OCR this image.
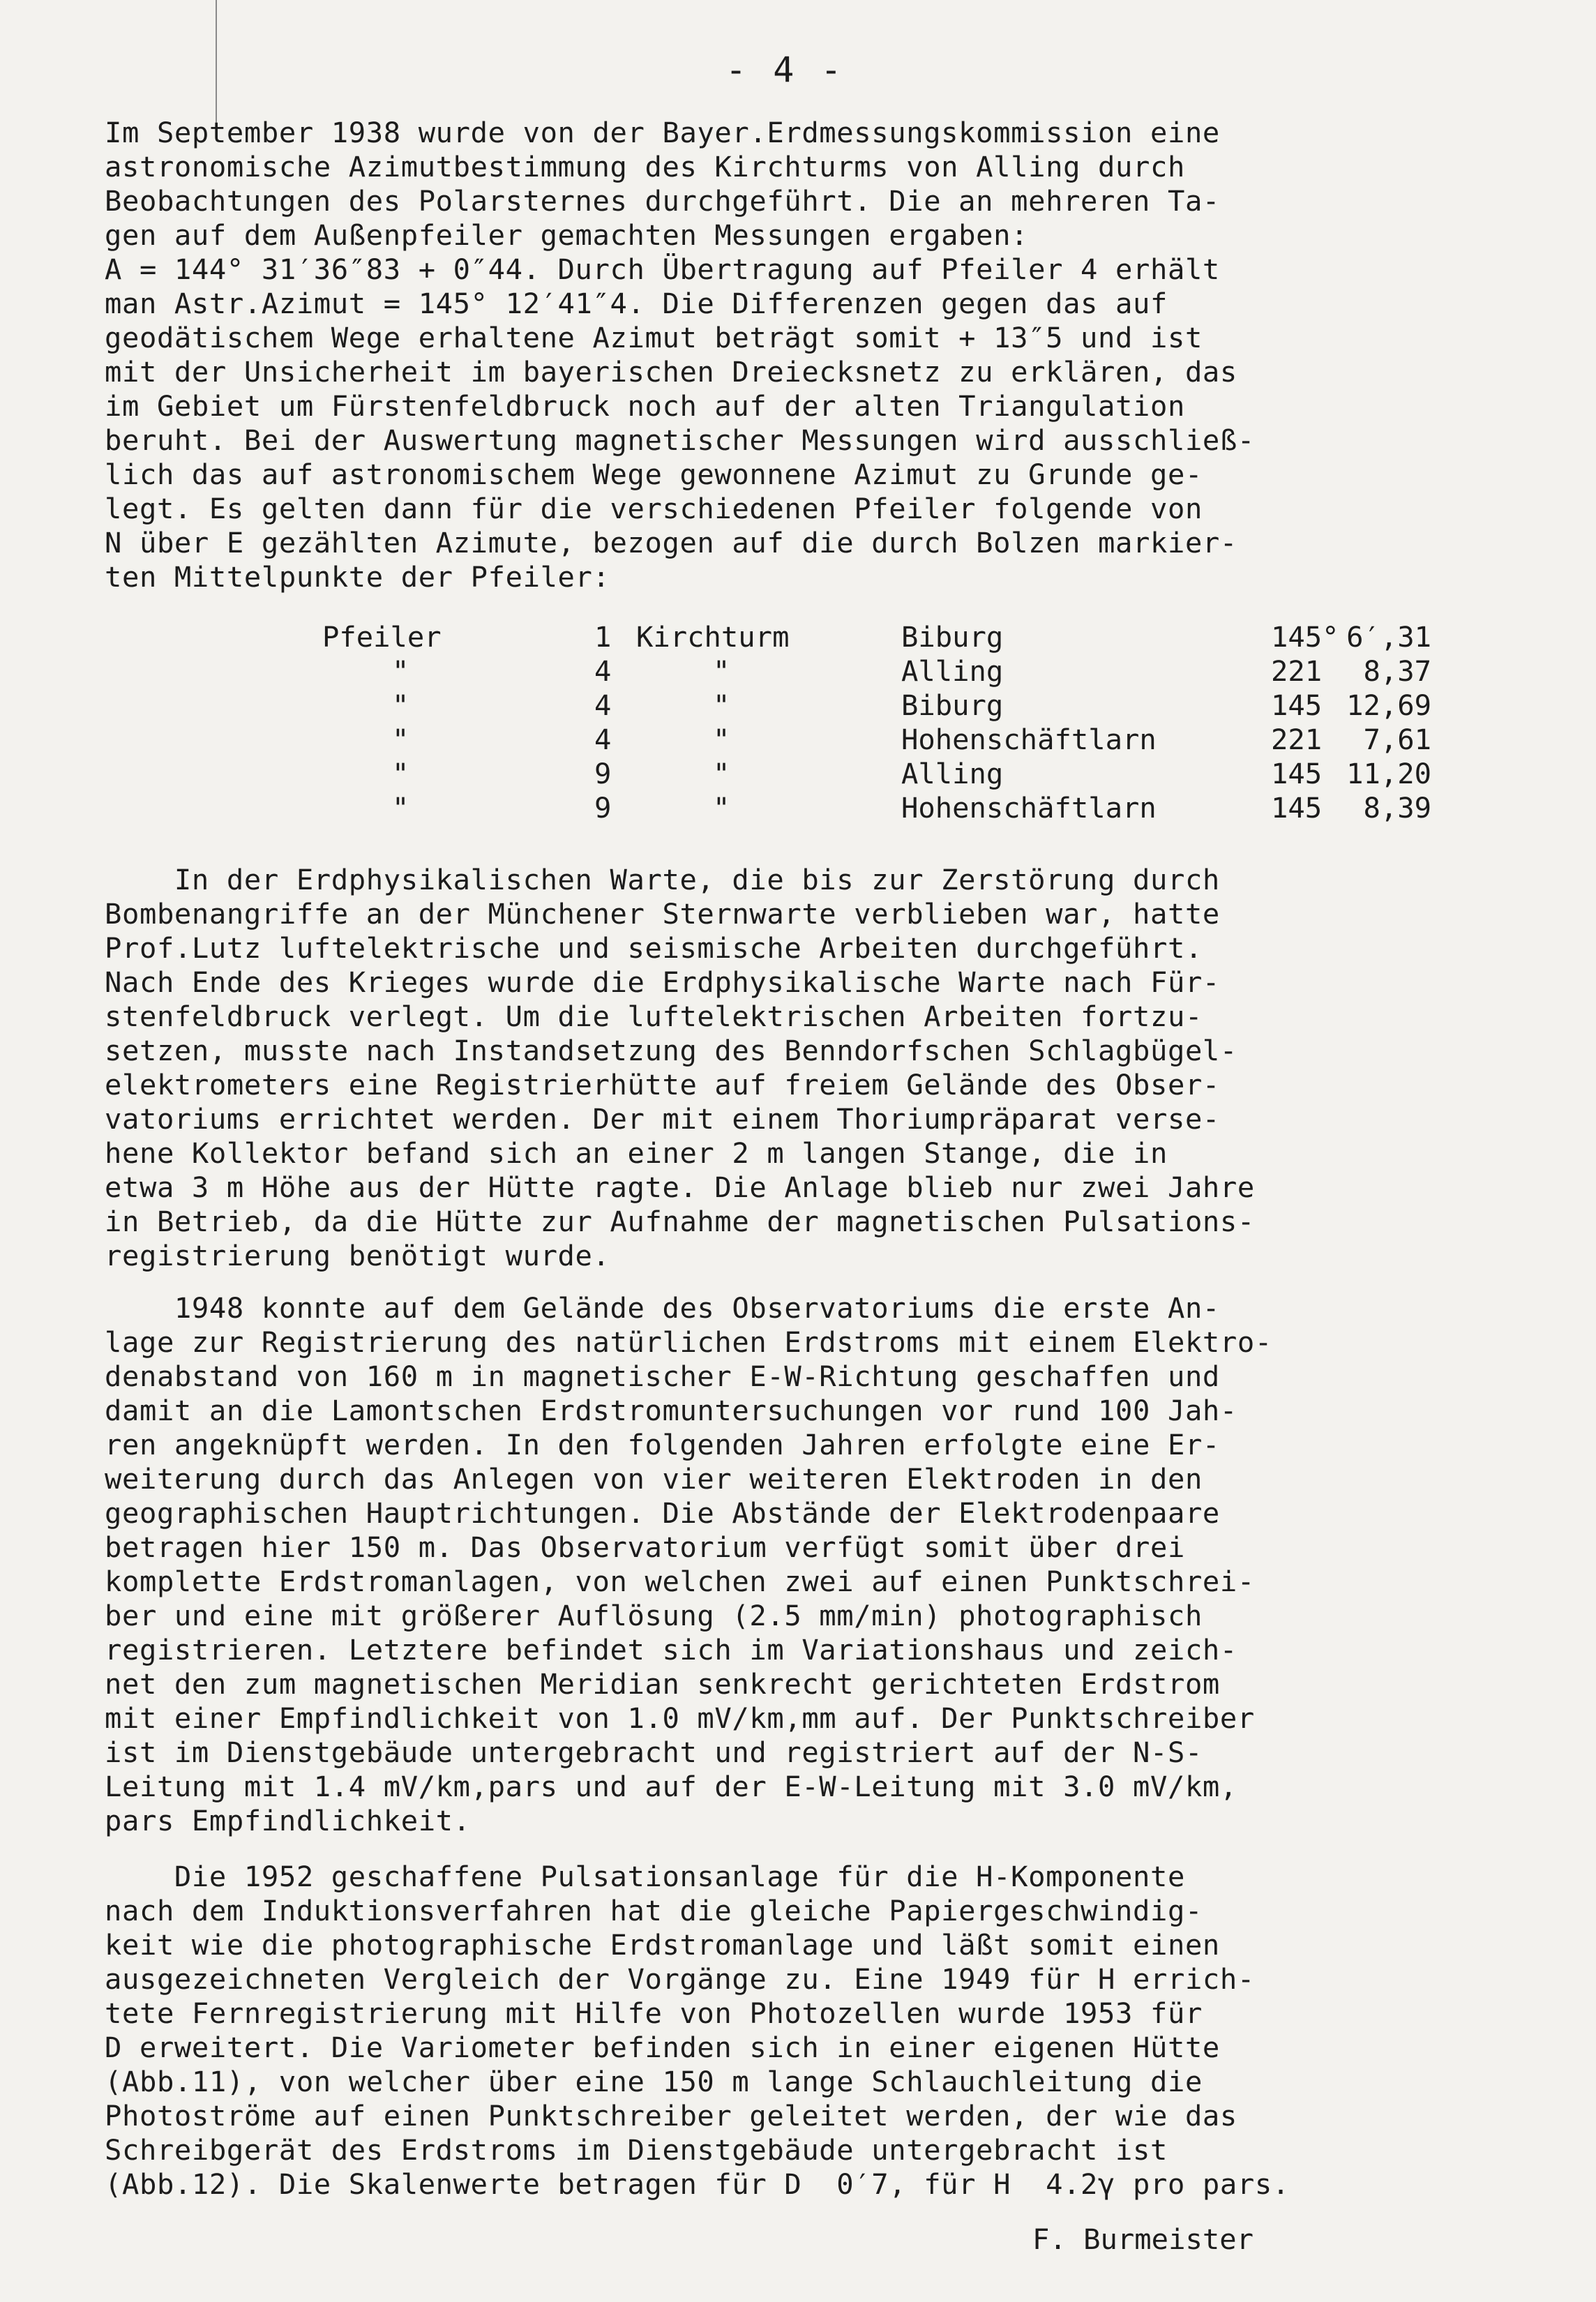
- 4 -
Im September 1938 wurde von der Bayer.Erdmessungskommission eine
astronomische Azimutbestimmung des Kirchturms von Alling durch
Beobachtungen des Polarsternes durchgeführt. Die an mehreren Ta-
gen auf dem Außenpfeiler gemachten Messungen ergaben:
A = 144° 31′36″83 + 0″44. Durch Übertragung auf Pfeiler 4 erhält
man Astr.Azimut = 145° 12′41″4. Die Differenzen gegen das auf
geodätischem Wege erhaltene Azimut beträgt somit + 13″5 und ist
mit der Unsicherheit im bayerischen Dreiecksnetz zu erklären, das
im Gebiet um Fürstenfeldbruck noch auf der alten Triangulation
beruht. Bei der Auswertung magnetischer Messungen wird ausschließ-
lich das auf astronomischem Wege gewonnene Azimut zu Grunde ge-
legt. Es gelten dann für die verschiedenen Pfeiler folgende von
N über E gezählten Azimute, bezogen auf die durch Bolzen markier-
ten Mittelpunkte der Pfeiler:
Pfeiler	1	Kirchturm	Biburg	145°	6′,31
"	4	"	Alling	221	8,37
"	4	"	Biburg	145	12,69
"	4	"	Hohenschäftlarn	221	7,61
"	9	"	Alling	145	11,20
"	9	"	Hohenschäftlarn	145	8,39
In der Erdphysikalischen Warte, die bis zur Zerstörung durch
Bombenangriffe an der Münchener Sternwarte verblieben war, hatte
Prof.Lutz luftelektrische und seismische Arbeiten durchgeführt.
Nach Ende des Krieges wurde die Erdphysikalische Warte nach Für-
stenfeldbruck verlegt. Um die luftelektrischen Arbeiten fortzu-
setzen, musste nach Instandsetzung des Benndorfschen Schlagbügel-
elektrometers eine Registrierhütte auf freiem Gelände des Obser-
vatoriums errichtet werden. Der mit einem Thoriumpräparat verse-
hene Kollektor befand sich an einer 2 m langen Stange, die in
etwa 3 m Höhe aus der Hütte ragte. Die Anlage blieb nur zwei Jahre
in Betrieb, da die Hütte zur Aufnahme der magnetischen Pulsations-
registrierung benötigt wurde.
1948 konnte auf dem Gelände des Observatoriums die erste An-
lage zur Registrierung des natürlichen Erdstroms mit einem Elektro-
denabstand von 160 m in magnetischer E-W-Richtung geschaffen und
damit an die Lamontschen Erdstromuntersuchungen vor rund 100 Jah-
ren angeknüpft werden. In den folgenden Jahren erfolgte eine Er-
weiterung durch das Anlegen von vier weiteren Elektroden in den
geographischen Hauptrichtungen. Die Abstände der Elektrodenpaare
betragen hier 150 m. Das Observatorium verfügt somit über drei
komplette Erdstromanlagen, von welchen zwei auf einen Punktschrei-
ber und eine mit größerer Auflösung (2.5 mm/min) photographisch
registrieren. Letztere befindet sich im Variationshaus und zeich-
net den zum magnetischen Meridian senkrecht gerichteten Erdstrom
mit einer Empfindlichkeit von 1.0 mV/km,mm auf. Der Punktschreiber
ist im Dienstgebäude untergebracht und registriert auf der N-S-
Leitung mit 1.4 mV/km,pars und auf der E-W-Leitung mit 3.0 mV/km,
pars Empfindlichkeit.
Die 1952 geschaffene Pulsationsanlage für die H-Komponente
nach dem Induktionsverfahren hat die gleiche Papiergeschwindig-
keit wie die photographische Erdstromanlage und läßt somit einen
ausgezeichneten Vergleich der Vorgänge zu. Eine 1949 für H errich-
tete Fernregistrierung mit Hilfe von Photozellen wurde 1953 für
D erweitert. Die Variometer befinden sich in einer eigenen Hütte
(Abb.11), von welcher über eine 150 m lange Schlauchleitung die
Photoströme auf einen Punktschreiber geleitet werden, der wie das
Schreibgerät des Erdstroms im Dienstgebäude untergebracht ist
(Abb.12). Die Skalenwerte betragen für D  0′7, für H  4.2γ pro pars.
F. Burmeister
